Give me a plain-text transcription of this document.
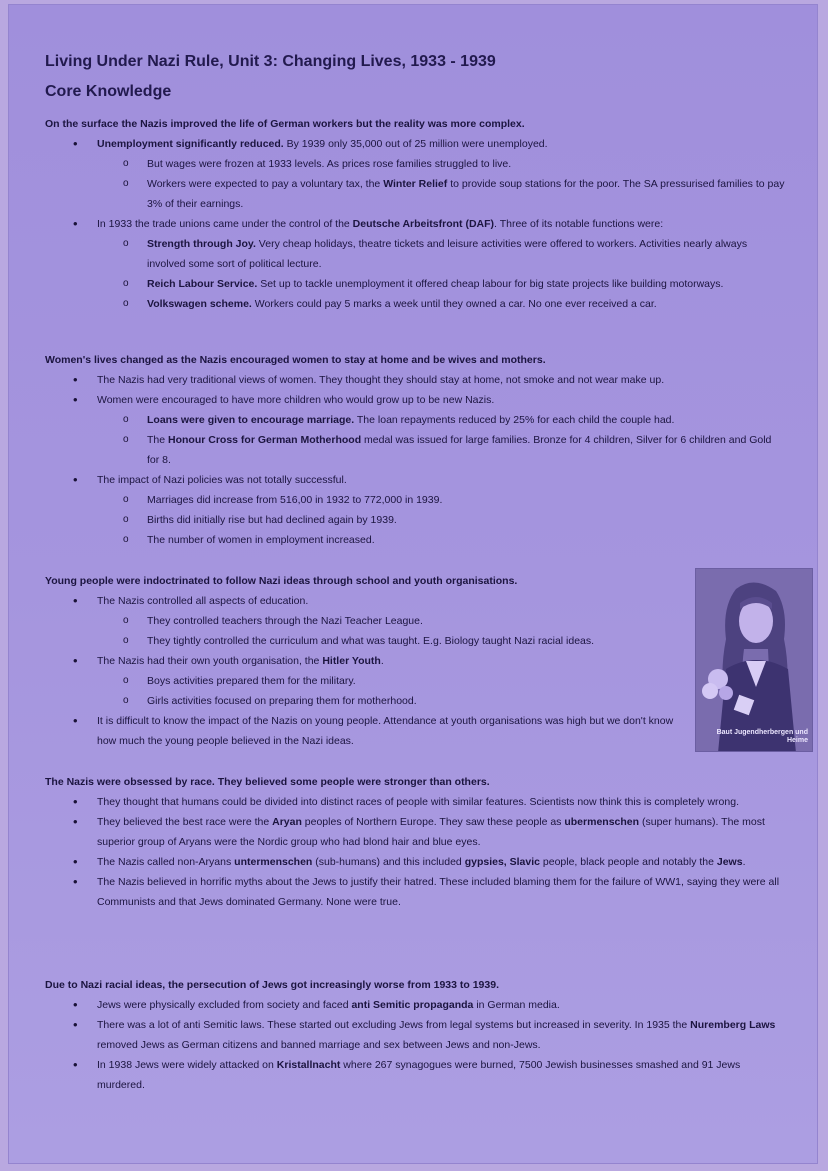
Living Under Nazi Rule, Unit 3: Changing Lives, 1933 - 1939
Core Knowledge
On the surface the Nazis improved the life of German workers but the reality was more complex.
• Unemployment significantly reduced. By 1939 only 35,000 out of 25 million were unemployed.
o But wages were frozen at 1933 levels. As prices rose families struggled to live.
o Workers were expected to pay a voluntary tax, the Winter Relief to provide soup stations for the poor. The SA pressurised families to pay 3% of their earnings.
• In 1933 the trade unions came under the control of the Deutsche Arbeitsfront (DAF). Three of its notable functions were:
o Strength through Joy. Very cheap holidays, theatre tickets and leisure activities were offered to workers. Activities nearly always involved some sort of political lecture.
o Reich Labour Service. Set up to tackle unemployment it offered cheap labour for big state projects like building motorways.
o Volkswagen scheme. Workers could pay 5 marks a week until they owned a car. No one ever received a car.
Women's lives changed as the Nazis encouraged women to stay at home and be wives and mothers.
• The Nazis had very traditional views of women. They thought they should stay at home, not smoke and not wear make up.
• Women were encouraged to have more children who would grow up to be new Nazis.
o Loans were given to encourage marriage. The loan repayments reduced by 25% for each child the couple had.
o The Honour Cross for German Motherhood medal was issued for large families. Bronze for 4 children, Silver for 6 children and Gold for 8.
• The impact of Nazi policies was not totally successful.
o Marriages did increase from 516,00 in 1932 to 772,000 in 1939.
o Births did initially rise but had declined again by 1939.
o The number of women in employment increased.
Young people were indoctrinated to follow Nazi ideas through school and youth organisations.
• The Nazis controlled all aspects of education.
o They controlled teachers through the Nazi Teacher League.
o They tightly controlled the curriculum and what was taught. E.g. Biology taught Nazi racial ideas.
• The Nazis had their own youth organisation, the Hitler Youth.
o Boys activities prepared them for the military.
o Girls activities focused on preparing them for motherhood.
• It is difficult to know the impact of the Nazis on young people. Attendance at youth organisations was high but we don't know how much the young people believed in the Nazi ideas.
Baut Jugendherbergen und Heime
The Nazis were obsessed by race. They believed some people were stronger than others.
• They thought that humans could be divided into distinct races of people with similar features. Scientists now think this is completely wrong.
• They believed the best race were the Aryan peoples of Northern Europe. They saw these people as ubermenschen (super humans). The most superior group of Aryans were the Nordic group who had blond hair and blue eyes.
• The Nazis called non-Aryans untermenschen (sub-humans) and this included gypsies, Slavic people, black people and notably the Jews.
• The Nazis believed in horrific myths about the Jews to justify their hatred. These included blaming them for the failure of WW1, saying they were all Communists and that Jews dominated Germany. None were true.
Due to Nazi racial ideas, the persecution of Jews got increasingly worse from 1933 to 1939.
• Jews were physically excluded from society and faced anti Semitic propaganda in German media.
• There was a lot of anti Semitic laws. These started out excluding Jews from legal systems but increased in severity. In 1935 the Nuremberg Laws removed Jews as German citizens and banned marriage and sex between Jews and non-Jews.
• In 1938 Jews were widely attacked on Kristallnacht where 267 synagogues were burned, 7500 Jewish businesses smashed and 91 Jews murdered.
